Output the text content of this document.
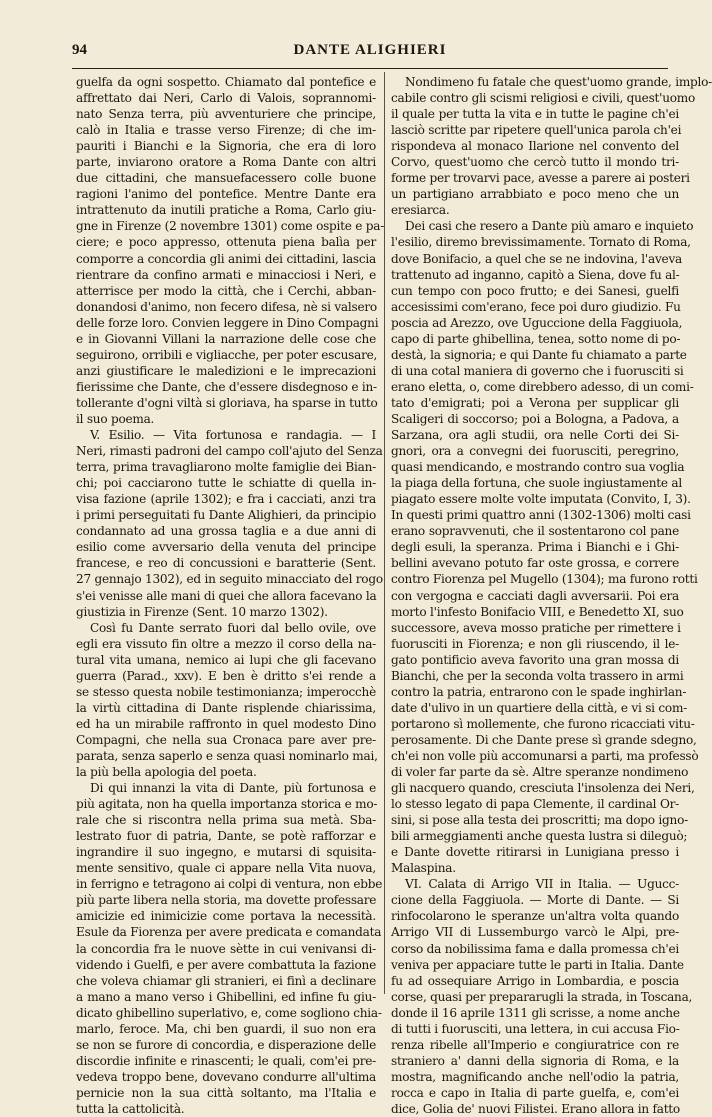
94	DANTE ALIGHIERI
guelfa da ogni sospetto. Chiamato dal pontefice e
affrettato dai Neri, Carlo di Valois, soprannomi-
nato Senza terra, più avventuriere che principe,
calò in Italia e trasse verso Firenze; di che im-
pauriti i Bianchi e la Signoria, che era di loro
parte, inviarono oratore a Roma Dante con altri
due cittadini, che mansuefacessero colle buone
ragioni l'animo del pontefice. Mentre Dante era
intrattenuto da inutili pratiche a Roma, Carlo giu-
gne in Firenze (2 novembre 1301) come ospite e pa-
ciere; e poco appresso, ottenuta piena balìa per
comporre a concordia gli animi dei cittadini, lascia
rientrare da confino armati e minacciosi i Neri, e
atterrisce per modo la città, che i Cerchi, abban-
donandosi d'animo, non fecero difesa, nè si valsero
delle forze loro. Convien leggere in Dino Compagni
e in Giovanni Villani la narrazione delle cose che
seguirono, orribili e vigliacche, per poter escusare,
anzi giustificare le maledizioni e le imprecazioni
fierissime che Dante, che d'essere disdegnoso e in-
tollerante d'ogni viltà si gloriava, ha sparse in tutto
il suo poema.
V. Esilio. — Vita fortunosa e randagia. — I
Neri, rimasti padroni del campo coll'ajuto del Senza
terra, prima travagliarono molte famiglie dei Bian-
chi; poi cacciarono tutte le schiatte di quella in-
visa fazione (aprile 1302); e fra i cacciati, anzi tra
i primi perseguitati fu Dante Alighieri, da principio
condannato ad una grossa taglia e a due anni di
esilio come avversario della venuta del principe
francese, e reo di concussioni e baratterie (Sent.
27 gennajo 1302), ed in seguito minacciato del rogo
s'ei venisse alle mani di quei che allora facevano la
giustizia in Firenze (Sent. 10 marzo 1302).
Così fu Dante serrato fuori dal bello ovile, ove
egli era vissuto fin oltre a mezzo il corso della na-
tural vita umana, nemico ai lupi che gli facevano
guerra (Parad., xxv). E ben è dritto s'ei rende a
se stesso questa nobile testimonianza; imperocchè
la virtù cittadina di Dante risplende chiarissima,
ed ha un mirabile raffronto in quel modesto Dino
Compagni, che nella sua Cronaca pare aver pre-
parata, senza saperlo e senza quasi nominarlo mai,
la più bella apologia del poeta.
Di qui innanzi la vita di Dante, più fortunosa e
più agitata, non ha quella importanza storica e mo-
rale che si riscontra nella prima sua metà. Sba-
lestrato fuor di patria, Dante, se potè rafforzar e
ingrandire il suo ingegno, e mutarsi di squisita-
mente sensitivo, quale ci appare nella Vita nuova,
in ferrigno e tetragono ai colpi di ventura, non ebbe
più parte libera nella storia, ma dovette professare
amicizie ed inimicizie come portava la necessità.
Esule da Fiorenza per avere predicata e comandata
la concordia fra le nuove sètte in cui venivansi di-
videndo i Guelfi, e per avere combattuta la fazione
che voleva chiamar gli stranieri, ei finì a declinare
a mano a mano verso i Ghibellini, ed infine fu giu-
dicato ghibellino superlativo, e, come sogliono chia-
marlo, feroce. Ma, chi ben guardi, il suo non era
se non se furore di concordia, e disperazione delle
discordie infinite e rinascenti; le quali, com'ei pre-
vedeva troppo bene, dovevano condurre all'ultima
pernicie non la sua città soltanto, ma l'Italia e
tutta la cattolicità.
Nondimeno fu fatale che quest'uomo grande, implo-
cabile contro gli scismi religiosi e civili, quest'uomo
il quale per tutta la vita e in tutte le pagine ch'ei
lasciò scritte par ripetere quell'unica parola ch'ei
rispondeva al monaco Ilarione nel convento del
Corvo, quest'uomo che cercò tutto il mondo tri-
forme per trovarvi pace, avesse a parere ai posteri
un partigiano arrabbiato e poco meno che un
eresiarca.
Dei casi che resero a Dante più amaro e inquieto
l'esilio, diremo brevissimamente. Tornato di Roma,
dove Bonifacio, a quel che se ne indovina, l'aveva
trattenuto ad inganno, capitò a Siena, dove fu al-
cun tempo con poco frutto; e dei Sanesi, guelfi
accesissimi com'erano, fece poi duro giudizio. Fu
poscia ad Arezzo, ove Uguccione della Faggiuola,
capo di parte ghibellina, tenea, sotto nome di po-
destà, la signoria; e qui Dante fu chiamato a parte
di una cotal maniera di governo che i fuorusciti si
erano eletta, o, come direbbero adesso, di un comi-
tato d'emigrati; poi a Verona per supplicar gli
Scaligeri di soccorso; poi a Bologna, a Padova, a
Sarzana, ora agli studii, ora nelle Corti dei Si-
gnori, ora a convegni dei fuorusciti, peregrino,
quasi mendicando, e mostrando contro sua voglia
la piaga della fortuna, che suole ingiustamente al
piagato essere molte volte imputata (Convito, I, 3).
In questi primi quattro anni (1302-1306) molti casi
erano sopravvenuti, che il sostentarono col pane
degli esuli, la speranza. Prima i Bianchi e i Ghi-
bellini avevano potuto far oste grossa, e correre
contro Fiorenza pel Mugello (1304); ma furono rotti
con vergogna e cacciati dagli avversarii. Poi era
morto l'infesto Bonifacio VIII, e Benedetto XI, suo
successore, aveva mosso pratiche per rimettere i
fuorusciti in Fiorenza; e non gli riuscendo, il le-
gato pontificio aveva favorito una gran mossa di
Bianchi, che per la seconda volta trassero in armi
contro la patria, entrarono con le spade inghirlan-
date d'ulivo in un quartiere della città, e vi si com-
portarono sì mollemente, che furono ricacciati vitu-
perosamente. Di che Dante prese sì grande sdegno,
ch'ei non volle più accomunarsi a parti, ma professò
di voler far parte da sè. Altre speranze nondimeno
gli nacquero quando, cresciuta l'insolenza dei Neri,
lo stesso legato di papa Clemente, il cardinal Or-
sini, si pose alla testa dei proscritti; ma dopo igno-
bili armeggiamenti anche questa lustra si dileguò;
e Dante dovette ritirarsi in Lunigiana presso i
Malaspina.
VI. Calata di Arrigo VII in Italia. — Ugucc-
cione della Faggiuola. — Morte di Dante. — Si
rinfocolarono le speranze un'altra volta quando
Arrigo VII di Lussemburgo varcò le Alpi, pre-
corso da nobilissima fama e dalla promessa ch'ei
veniva per appaciare tutte le parti in Italia. Dante
fu ad ossequiare Arrigo in Lombardia, e poscia
corse, quasi per prepararugli la strada, in Toscana,
donde il 16 aprile 1311 gli scrisse, a nome anche
di tutti i fuorusciti, una lettera, in cui accusa Fio-
renza ribelle all'Imperio e congiuratrice con re
straniero a' danni della signoria di Roma, e la
mostra, magnificando anche nell'odio la patria,
rocca e capo in Italia di parte guelfa, e, com'ei
dice, Golia de' nuovi Filistei. Erano allora in fatto
